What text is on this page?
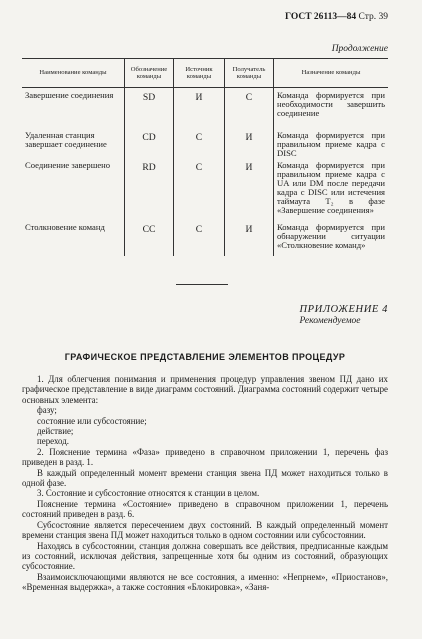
ГОСТ 26113—84 Стр. 39
Продолжение
Наименование команды	Обозначение команды	Источник команды	Получатель команды	Назначение команды
Завершение соединения	SD	И	С	Команда формируется при необходимости завершить соединение
Удаленная станция завершает соединение	CD	С	И	Команда формируется при правильном приеме кадра с DISC
Соединение завершено	RD	С	И	Команда формируется при правильном приеме кадра с UA или DM после передачи кадра с DISC или истечения таймаута T₂ в фазе «Завершение соединения»
Столкновение команд	CC	С	И	Команда формируется при обнаружении ситуации «Столкновение команд»
ПРИЛОЖЕНИЕ 4
Рекомендуемое
ГРАФИЧЕСКОЕ ПРЕДСТАВЛЕНИЕ ЭЛЕМЕНТОВ ПРОЦЕДУР

1. Для облегчения понимания и применения процедур управления звеном ПД дано их графическое представление в виде диаграмм состояний. Диаграмма состояний содержит четыре основных элемента:

фазу;

состояние или субсостояние;

действие;

переход.

2. Пояснение термина «Фаза» приведено в справочном приложении 1, перечень фаз приведен в разд. 1.

В каждый определенный момент времени станция звена ПД может находиться только в одной фазе.

3. Состояние и субсостояние относятся к станции в целом.

Пояснение термина «Состояние» приведено в справочном приложении 1, перечень состояний приведен в разд. 6.

Субсостояние является пересечением двух состояний. В каждый определенный момент времени станция звена ПД может находиться только в одном состоянии или субсостоянии.

Находясь в субсостоянии, станция должна совершать все действия, предписанные каждым из состояний, исключая действия, запрещенные хотя бы одним из состояний, образующих субсостояние.

Взаимоисключающими являются не все состояния, а именно: «Непрнем», «Приостанов», «Временная выдержка», а также состояния «Блокировка», «Заня-
